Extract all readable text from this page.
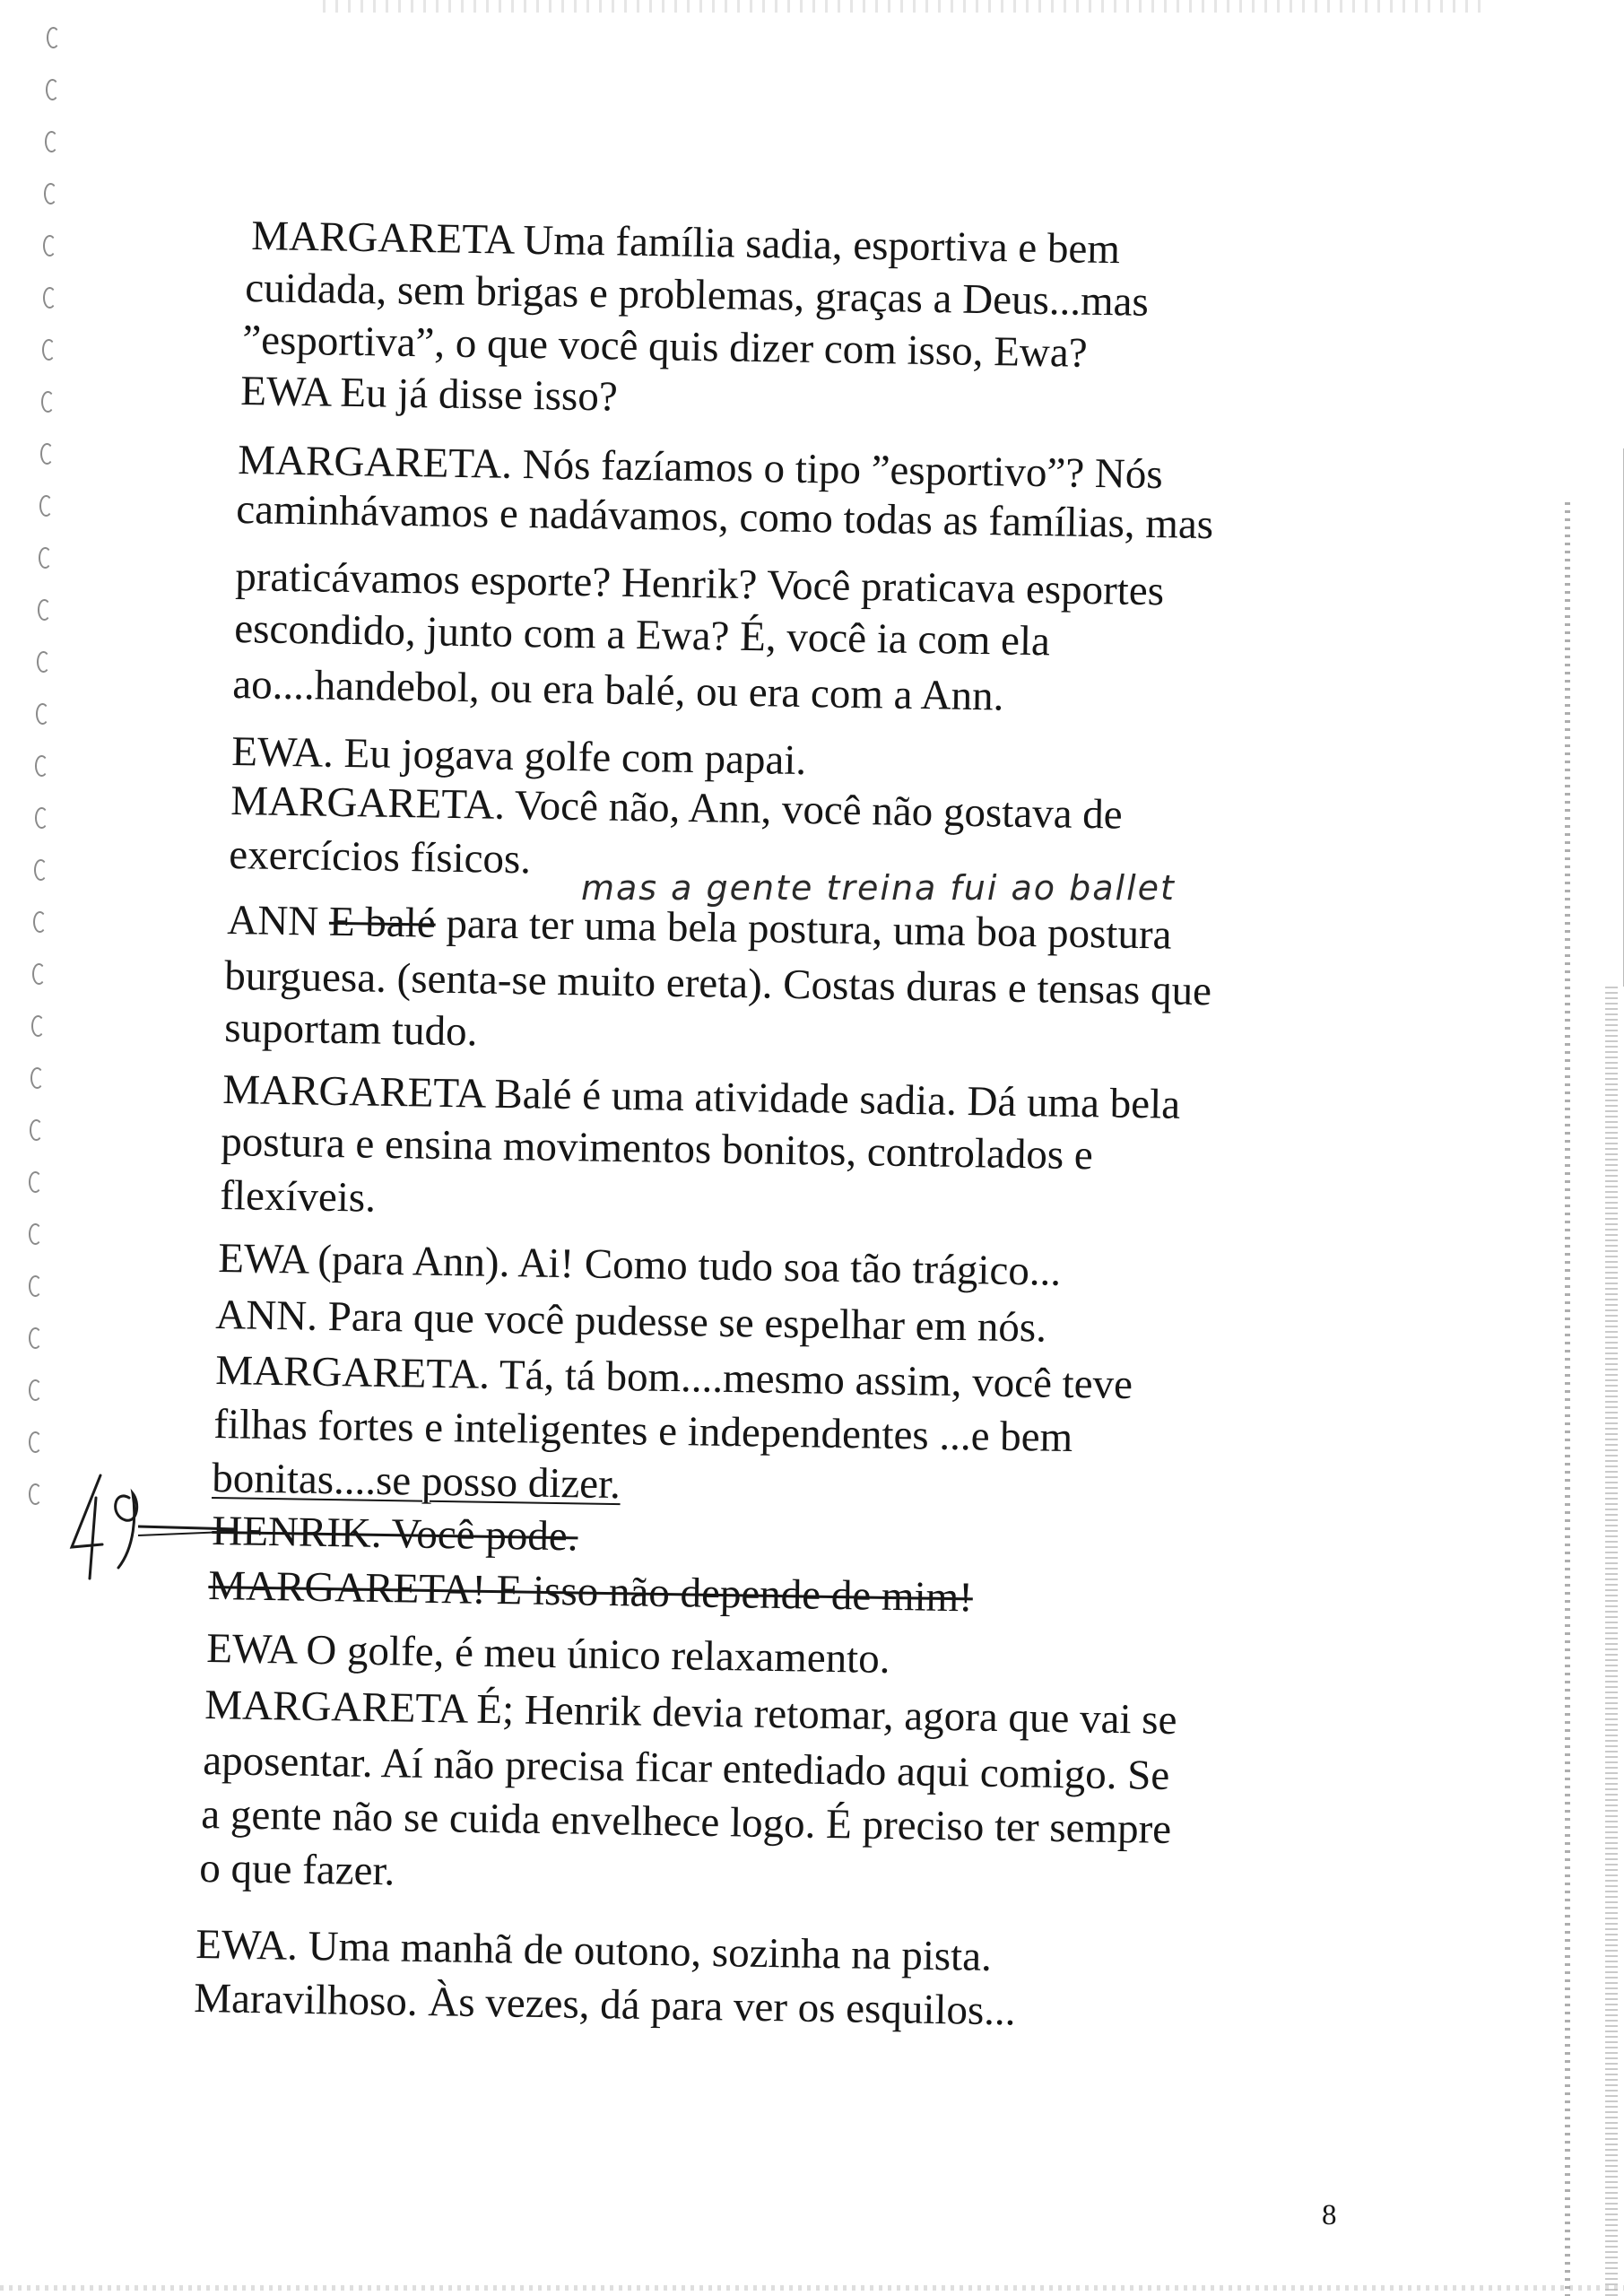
MARGARETA Uma família sadia, esportiva e bem
cuidada, sem brigas e problemas, graças a Deus...mas
”esportiva”, o que você quis dizer com isso, Ewa?
EWA Eu já disse isso?
MARGARETA. Nós fazíamos o tipo ”esportivo”? Nós
caminhávamos e nadávamos, como todas as famílias, mas
praticávamos esporte? Henrik? Você praticava esportes
escondido, junto com a Ewa? É, você ia com ela
ao....handebol, ou era balé, ou era com a Ann.
EWA. Eu jogava golfe com papai.
MARGARETA. Você não, Ann, você não gostava de
exercícios físicos.
mas a gente treina fui ao ballet
ANN E balé para ter uma bela postura, uma boa postura
burguesa. (senta-se muito ereta). Costas duras e tensas que
suportam tudo.
MARGARETA Balé é uma atividade sadia. Dá uma bela
postura e ensina movimentos bonitos, controlados e
flexíveis.
EWA (para Ann). Ai! Como tudo soa tão trágico...
ANN. Para que você pudesse se espelhar em nós.
MARGARETA. Tá, tá bom....mesmo assim, você teve
filhas fortes e inteligentes e independentes ...e bem
bonitas....se posso dizer.
HENRIK. Você pode.
MARGARETA! E isso não depende de mim!
EWA O golfe, é meu único relaxamento.
MARGARETA É; Henrik devia retomar, agora que vai se
aposentar. Aí não precisa ficar entediado aqui comigo. Se
a gente não se cuida envelhece logo. É preciso ter sempre
o que fazer.
EWA. Uma manhã de outono, sozinha na pista.
Maravilhoso. Às vezes, dá para ver os esquilos...
8
